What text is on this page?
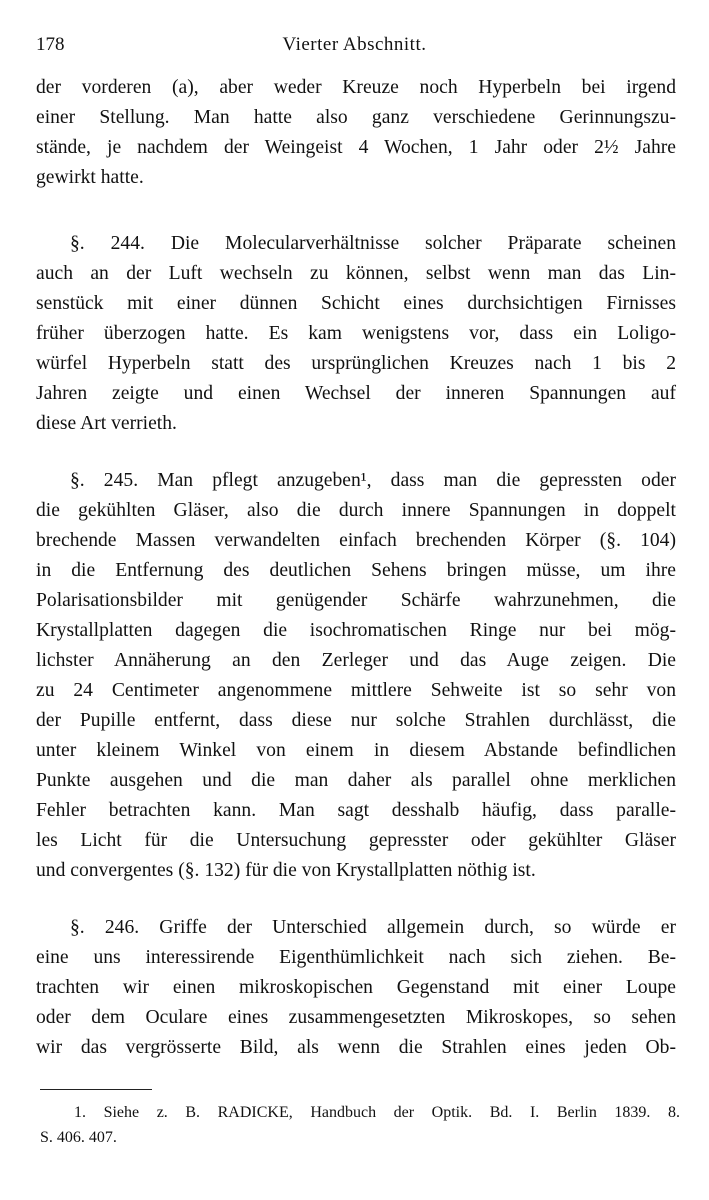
178	Vierter Abschnitt.
der vorderen (a), aber weder Kreuze noch Hyperbeln bei irgend
einer Stellung. Man hatte also ganz verschiedene Gerinnungszu-
stände, je nachdem der Weingeist 4 Wochen, 1 Jahr oder 2½ Jahre
gewirkt hatte.
§. 244. Die Molecularverhältnisse solcher Präparate scheinen
auch an der Luft wechseln zu können, selbst wenn man das Lin-
senstück mit einer dünnen Schicht eines durchsichtigen Firnisses
früher überzogen hatte. Es kam wenigstens vor, dass ein Loligo-
würfel Hyperbeln statt des ursprünglichen Kreuzes nach 1 bis 2
Jahren zeigte und einen Wechsel der inneren Spannungen auf
diese Art verrieth.
§. 245. Man pflegt anzugeben¹, dass man die gepressten oder
die gekühlten Gläser, also die durch innere Spannungen in doppelt
brechende Massen verwandelten einfach brechenden Körper (§. 104)
in die Entfernung des deutlichen Sehens bringen müsse, um ihre
Polarisationsbilder mit genügender Schärfe wahrzunehmen, die
Krystallplatten dagegen die isochromatischen Ringe nur bei mög-
lichster Annäherung an den Zerleger und das Auge zeigen. Die
zu 24 Centimeter angenommene mittlere Sehweite ist so sehr von
der Pupille entfernt, dass diese nur solche Strahlen durchlässt, die
unter kleinem Winkel von einem in diesem Abstande befindlichen
Punkte ausgehen und die man daher als parallel ohne merklichen
Fehler betrachten kann. Man sagt desshalb häufig, dass paralle-
les Licht für die Untersuchung gepresster oder gekühlter Gläser
und convergentes (§. 132) für die von Krystallplatten nöthig ist.
§. 246. Griffe der Unterschied allgemein durch, so würde er
eine uns interessirende Eigenthümlichkeit nach sich ziehen. Be-
trachten wir einen mikroskopischen Gegenstand mit einer Loupe
oder dem Oculare eines zusammengesetzten Mikroskopes, so sehen
wir das vergrösserte Bild, als wenn die Strahlen eines jeden Ob-
1. Siehe z. B. RADICKE, Handbuch der Optik. Bd. I. Berlin 1839. 8.
S. 406. 407.
